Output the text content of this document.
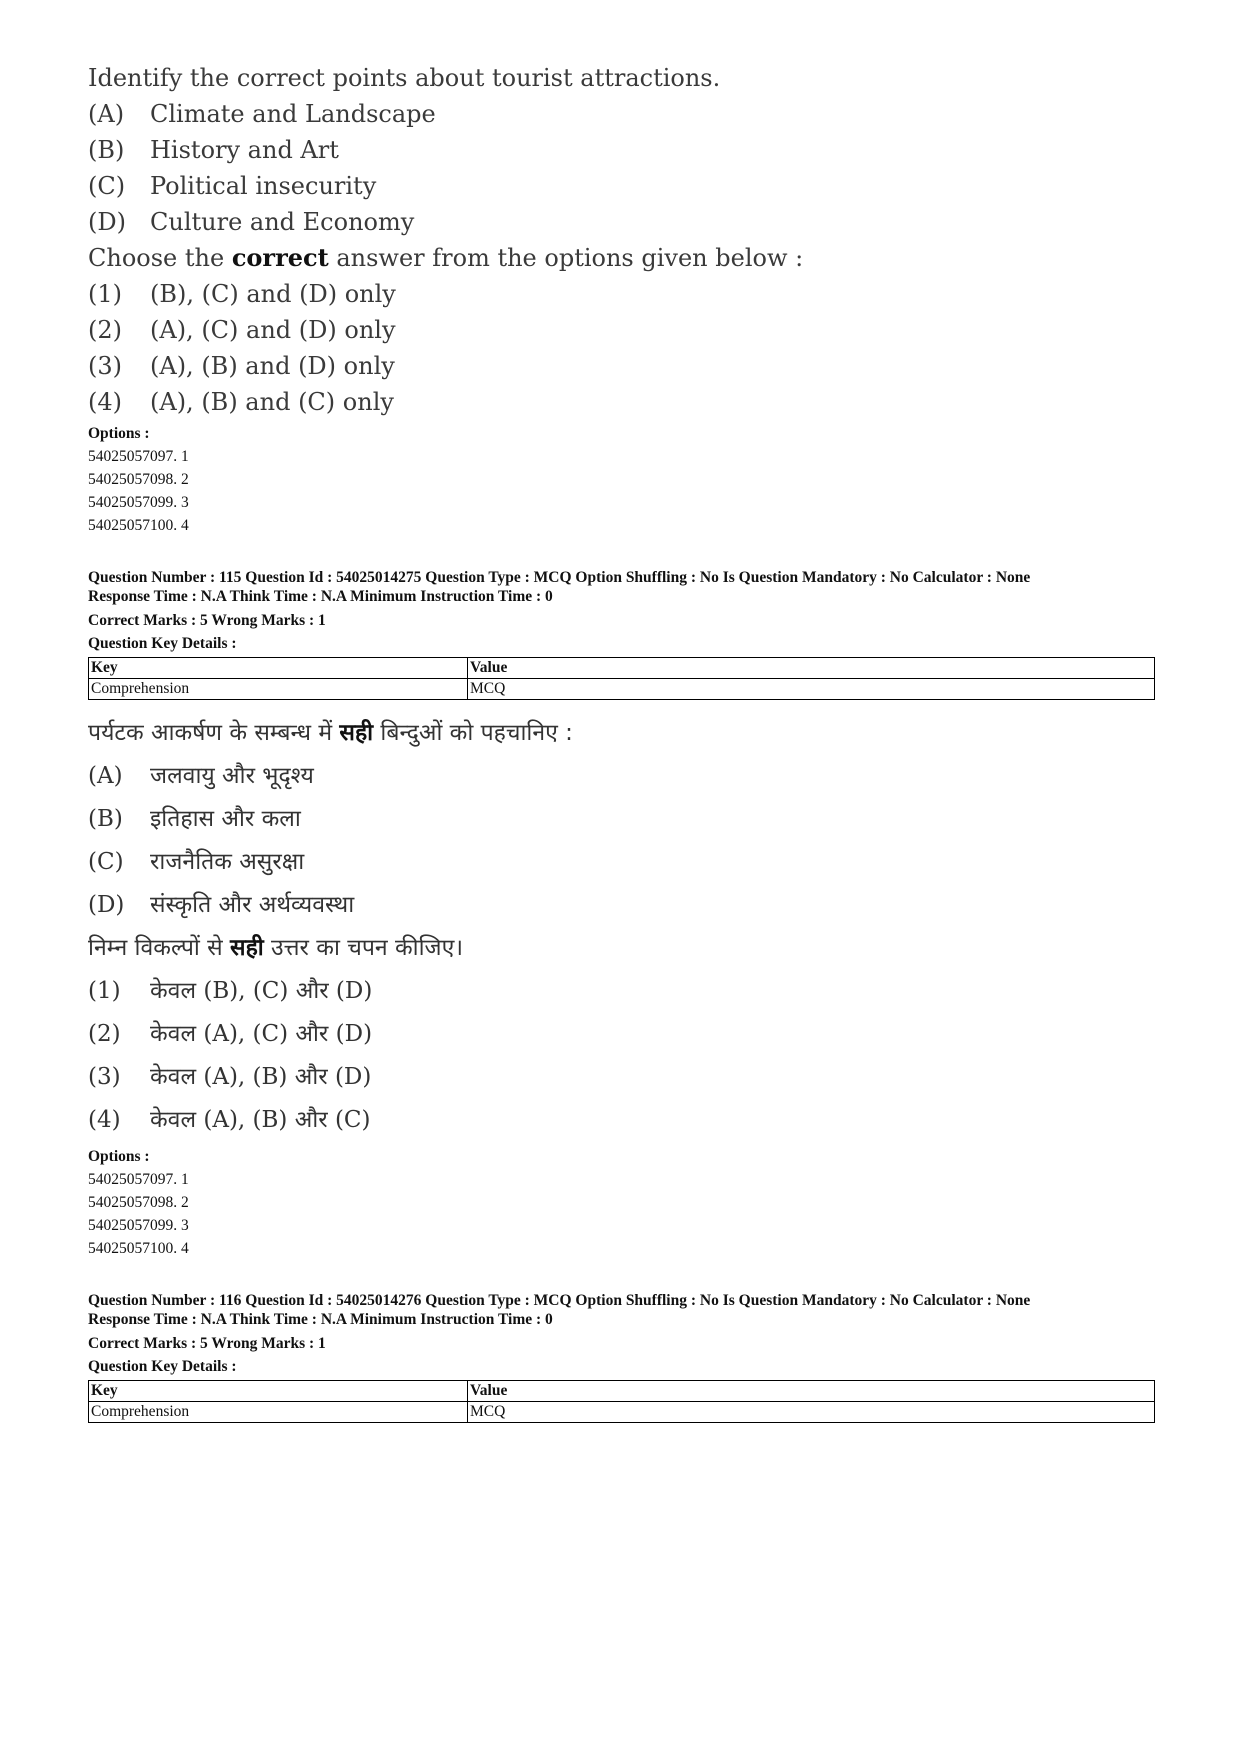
Identify the correct points about tourist attractions.
(A) Climate and Landscape
(B) History and Art
(C) Political insecurity
(D) Culture and Economy
Choose the correct answer from the options given below :
(1) (B), (C) and (D) only
(2) (A), (C) and (D) only
(3) (A), (B) and (D) only
(4) (A), (B) and (C) only
Options :
54025057097. 1
54025057098. 2
54025057099. 3
54025057100. 4
Question Number : 115 Question Id : 54025014275 Question Type : MCQ Option Shuffling : No Is Question Mandatory : No Calculator : None
Response Time : N.A Think Time : N.A Minimum Instruction Time : 0
Correct Marks : 5 Wrong Marks : 1
Question Key Details :
Key	Value
Comprehension	MCQ
पर्यटक आकर्षण के सम्बन्ध में सही बिन्दुओं को पहचानिए :
(A) जलवायु और भूदृश्य
(B) इतिहास और कला
(C) राजनैतिक असुरक्षा
(D) संस्कृति और अर्थव्यवस्था
निम्न विकल्पों से सही उत्तर का चपन कीजिए।
(1) केवल (B), (C) और (D)
(2) केवल (A), (C) और (D)
(3) केवल (A), (B) और (D)
(4) केवल (A), (B) और (C)
Options :
54025057097. 1
54025057098. 2
54025057099. 3
54025057100. 4
Question Number : 116 Question Id : 54025014276 Question Type : MCQ Option Shuffling : No Is Question Mandatory : No Calculator : None
Response Time : N.A Think Time : N.A Minimum Instruction Time : 0
Correct Marks : 5 Wrong Marks : 1
Question Key Details :
Key	Value
Comprehension	MCQ
